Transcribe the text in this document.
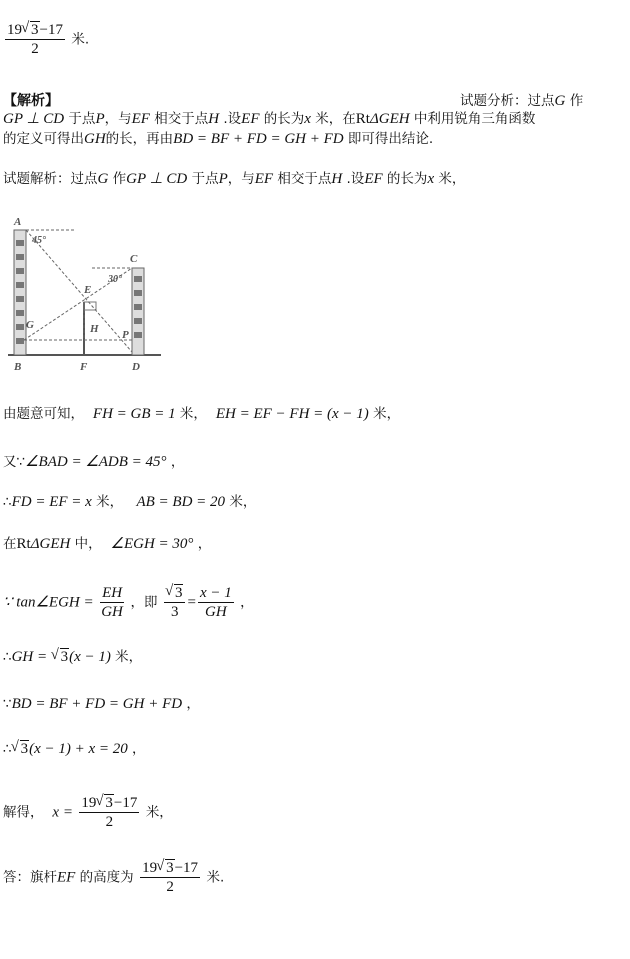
$\frac{19 √ 3-17}{2}$ 米.
【解析】	试题分析：过点G 作
GP ⊥ CD 于点P，与EF 相交于点H .设EF 的长为x 米，在RtΔGEH 中利用锐角三角函数
的定义可得出GH的长，再由BD = BF + FD = GH + FD 即可得出结论.
试题解析：过点G 作GP ⊥ CD 于点P，与EF 相交于点H .设EF 的长为x 米，
A
45°
C
30°
E
G	H P
B	F	D
由题意可知， FH = GB = 1 米， EH = EF − FH = (x − 1) 米，
又∵∠BAD = ∠ADB = 45° ，
∴FD = EF = x 米， AB = BD = 20 米，
在RtΔGEH 中， ∠EGH = 30° ，
∵ tan∠EGH = $\frac{EH}{GH}$ ，即 √ $\frac{3}{3} = \frac{x - 1}{GH}$ ，
∴GH = √ 3(x − 1) 米，
∵BD = BF + FD = GH + FD ，
∴ √ 3(x − 1) + x = 20 ，
解得， $x = \frac{19 √ 3-17}{2}$ 米，
答：旗杆EF 的高度为 $\frac{19 √ 3-17}{2}$ 米.
